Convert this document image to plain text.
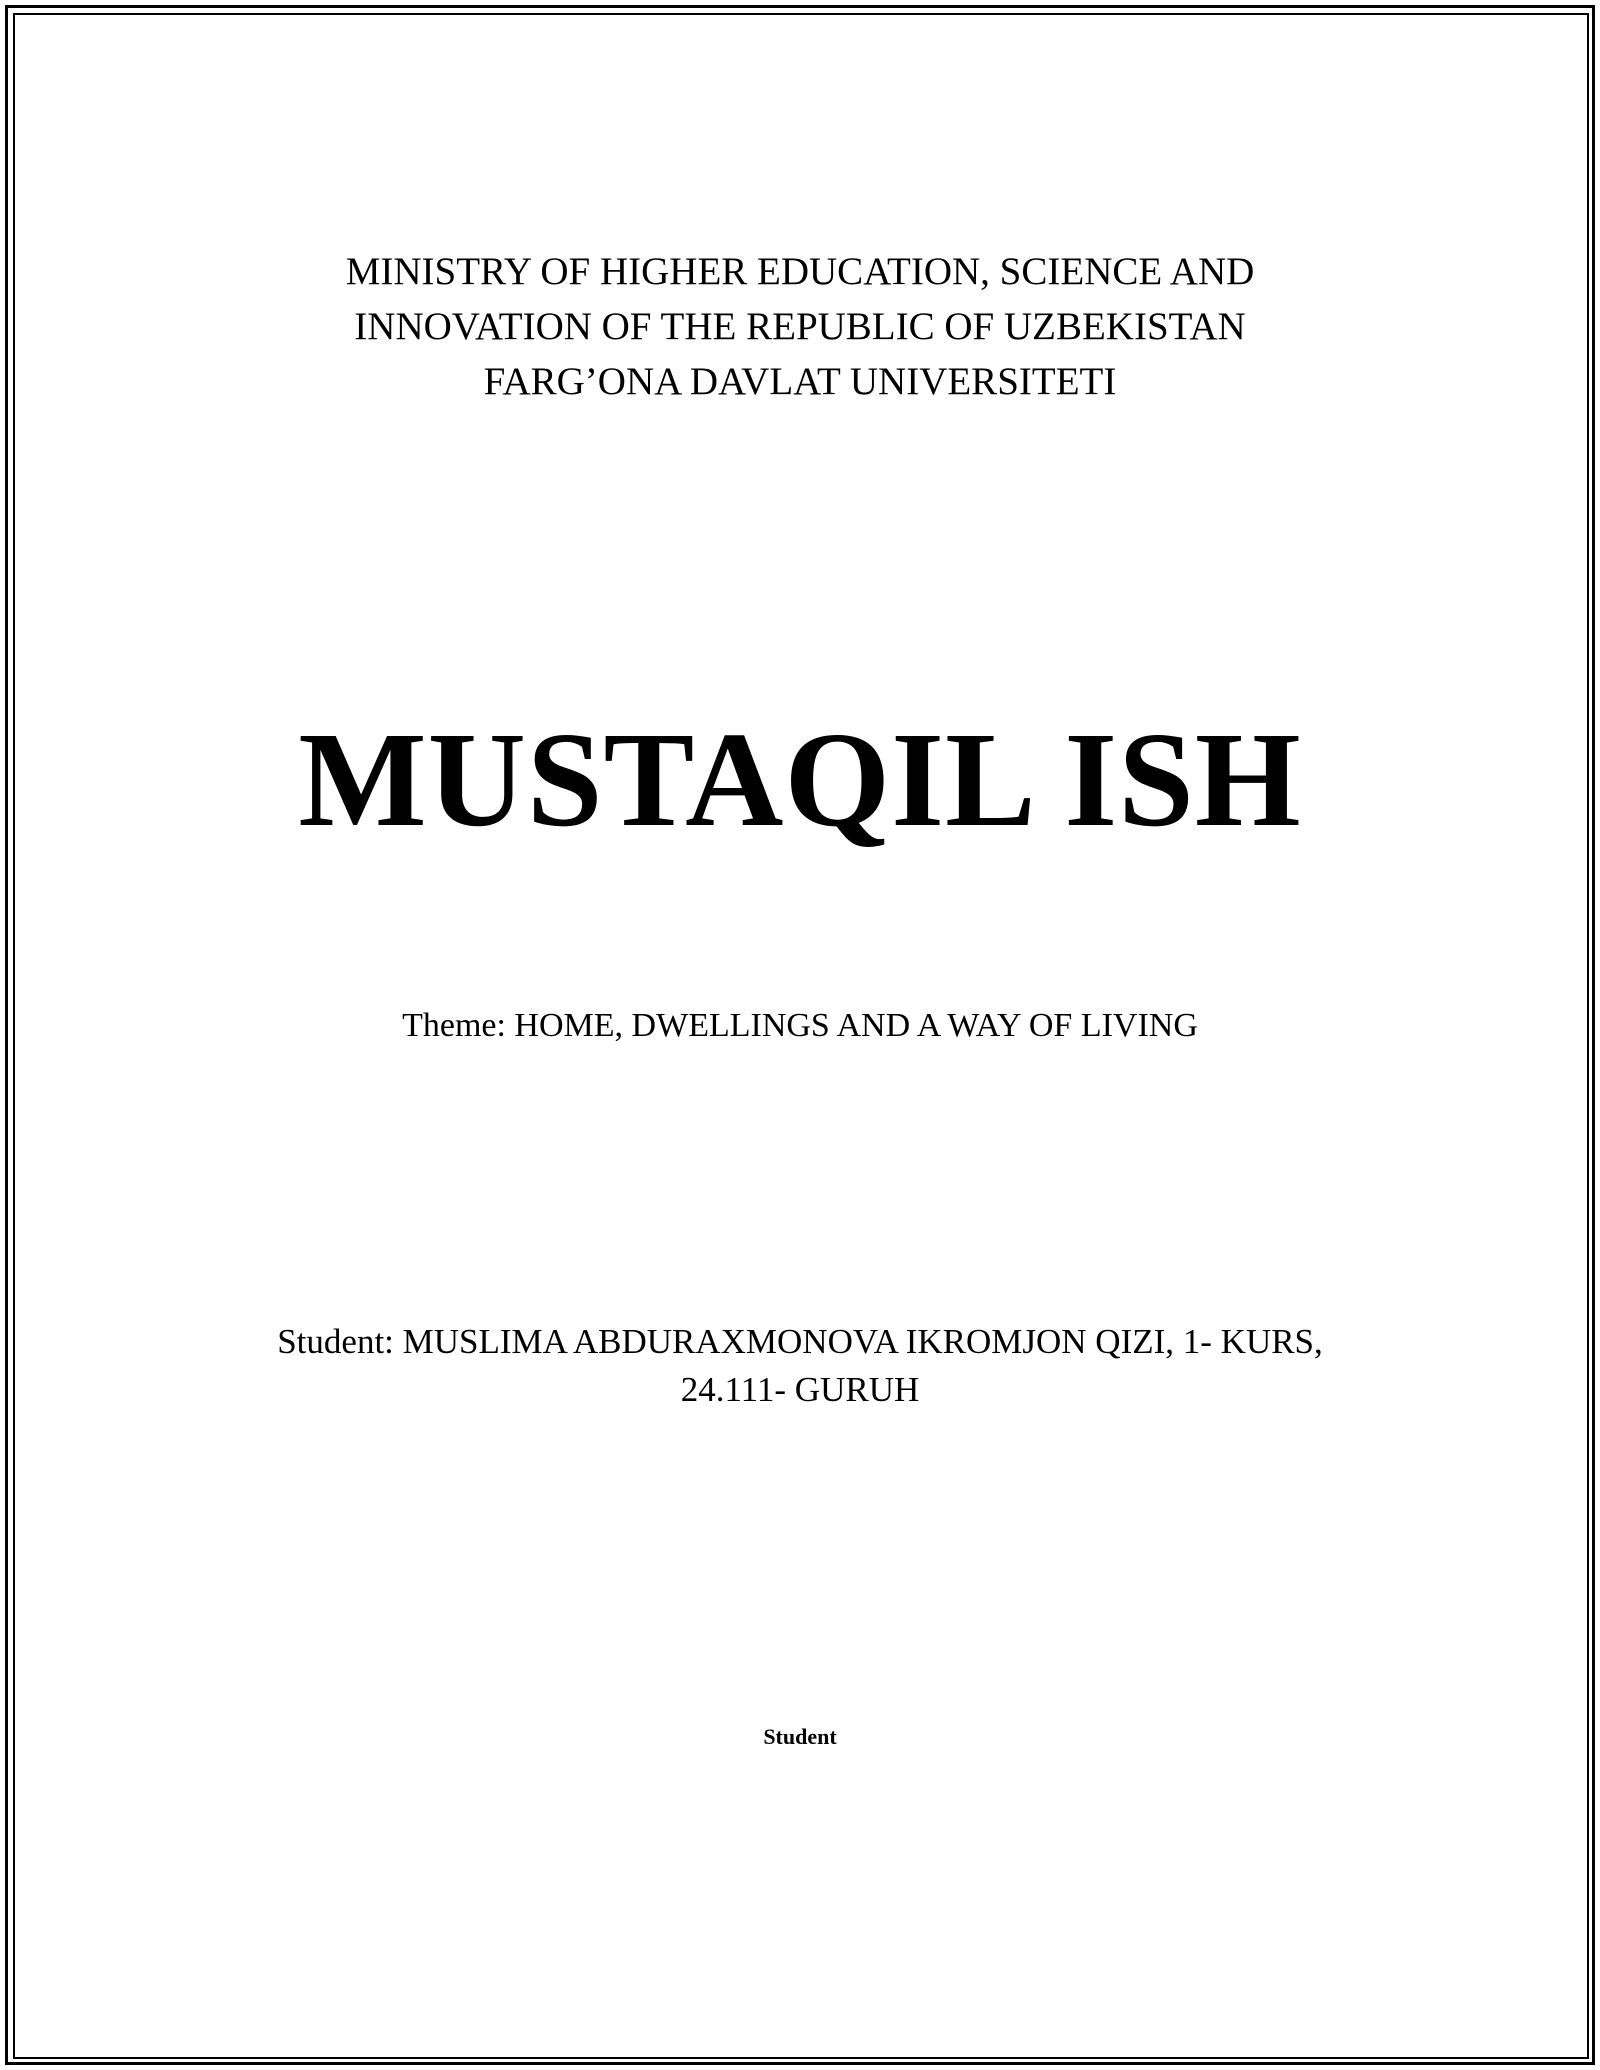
MINISTRY OF HIGHER EDUCATION, SCIENCE AND
INNOVATION OF THE REPUBLIC OF UZBEKISTAN
FARG’ONA DAVLAT UNIVERSITETI
MUSTAQIL ISH
Theme: HOME, DWELLINGS AND A WAY OF LIVING
Student: MUSLIMA ABDURAXMONOVA IKROMJON QIZI, 1- KURS,
24.111- GURUH
Student
